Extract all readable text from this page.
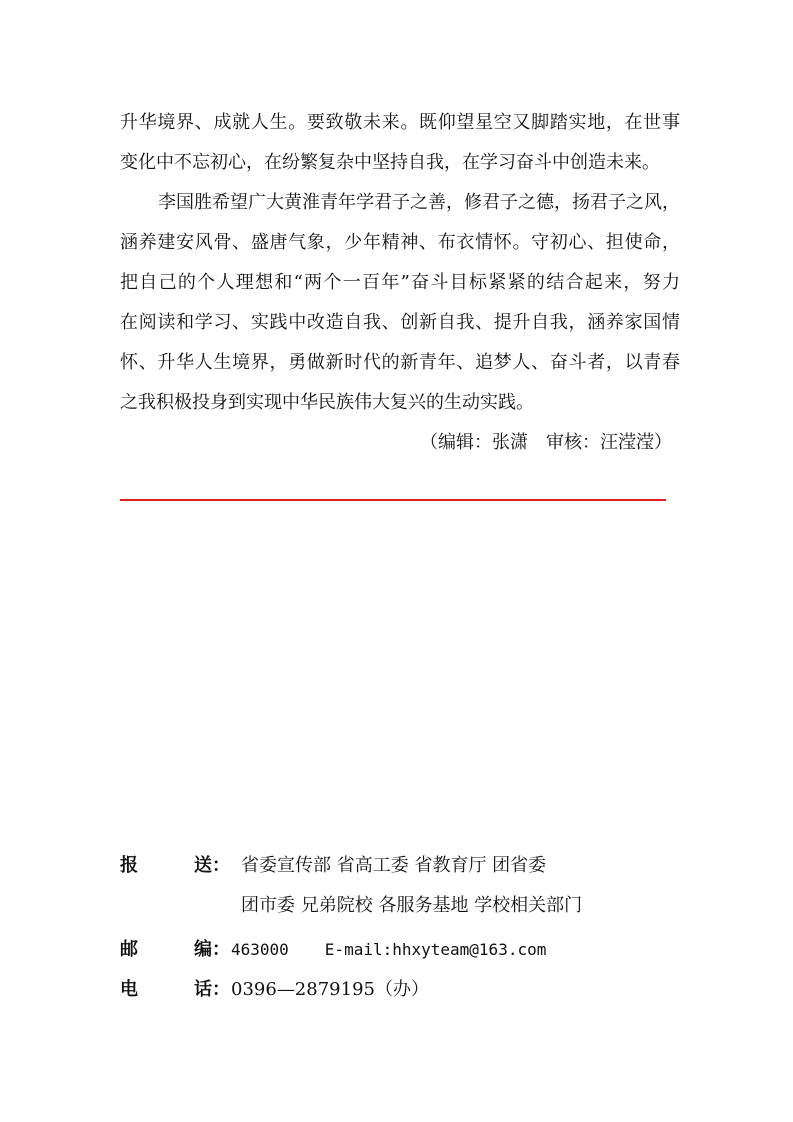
升华境界、成就人生。要致敬未来。既仰望星空又脚踏实地，在世事
变化中不忘初心，在纷繁复杂中坚持自我，在学习奋斗中创造未来。

李国胜希望广大黄淮青年学君子之善，修君子之德，扬君子之风，
涵养建安风骨、盛唐气象，少年精神、布衣情怀。守初心、担使命，
把自己的个人理想和“两个一百年”奋斗目标紧紧的结合起来，努力
在阅读和学习、实践中改造自我、创新自我、提升自我，涵养家国情
怀、升华人生境界，勇做新时代的新青年、追梦人、奋斗者，以青春
之我积极投身到实现中华民族伟大复兴的生动实践。

（编辑：张潇　审核：汪滢滢）

报	送： 省委宣传部 省高工委 省教育厅 团省委
团市委 兄弟院校 各服务基地 学校相关部门
邮	编： 463000 E-mail:hhxyteam@163.com
电	话： 0396—2879195（办）
